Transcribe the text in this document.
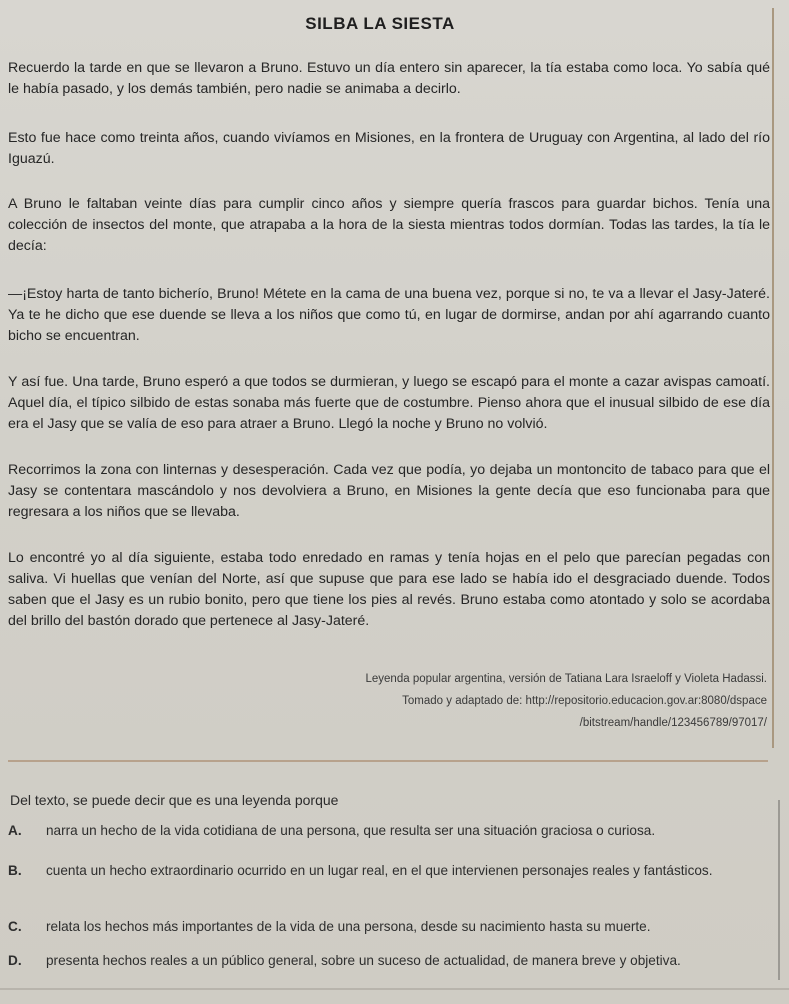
SILBA LA SIESTA

Recuerdo la tarde en que se llevaron a Bruno. Estuvo un día entero sin aparecer, la tía estaba como loca. Yo sabía qué le había pasado, y los demás también, pero nadie se animaba a decirlo.

Esto fue hace como treinta años, cuando vivíamos en Misiones, en la frontera de Uruguay con Argentina, al lado del río Iguazú.

A Bruno le faltaban veinte días para cumplir cinco años y siempre quería frascos para guardar bichos. Tenía una colección de insectos del monte, que atrapaba a la hora de la siesta mientras todos dormían. Todas las tardes, la tía le decía:

—¡Estoy harta de tanto bicherío, Bruno! Métete en la cama de una buena vez, porque si no, te va a llevar el Jasy-Jateré. Ya te he dicho que ese duende se lleva a los niños que como tú, en lugar de dormirse, andan por ahí agarrando cuanto bicho se encuentran.

Y así fue. Una tarde, Bruno esperó a que todos se durmieran, y luego se escapó para el monte a cazar avispas camoatí. Aquel día, el típico silbido de estas sonaba más fuerte que de costumbre. Pienso ahora que el inusual silbido de ese día era el Jasy que se valía de eso para atraer a Bruno. Llegó la noche y Bruno no volvió.

Recorrimos la zona con linternas y desesperación. Cada vez que podía, yo dejaba un montoncito de tabaco para que el Jasy se contentara mascándolo y nos devolviera a Bruno, en Misiones la gente decía que eso funcionaba para que regresara a los niños que se llevaba.

Lo encontré yo al día siguiente, estaba todo enredado en ramas y tenía hojas en el pelo que parecían pegadas con saliva. Vi huellas que venían del Norte, así que supuse que para ese lado se había ido el desgraciado duende. Todos saben que el Jasy es un rubio bonito, pero que tiene los pies al revés. Bruno estaba como atontado y solo se acordaba del brillo del bastón dorado que pertenece al Jasy-Jateré.

Leyenda popular argentina, versión de Tatiana Lara Israeloff y Violeta Hadassi.
Tomado y adaptado de: http://repositorio.educacion.gov.ar:8080/dspace
/bitstream/handle/123456789/97017/
Del texto, se puede decir que es una leyenda porque
A.	narra un hecho de la vida cotidiana de una persona, que resulta ser una situación graciosa o curiosa.
B.	cuenta un hecho extraordinario ocurrido en un lugar real, en el que intervienen personajes reales y fantásticos.
C.	relata los hechos más importantes de la vida de una persona, desde su nacimiento hasta su muerte.
D.	presenta hechos reales a un público general, sobre un suceso de actualidad, de manera breve y objetiva.
